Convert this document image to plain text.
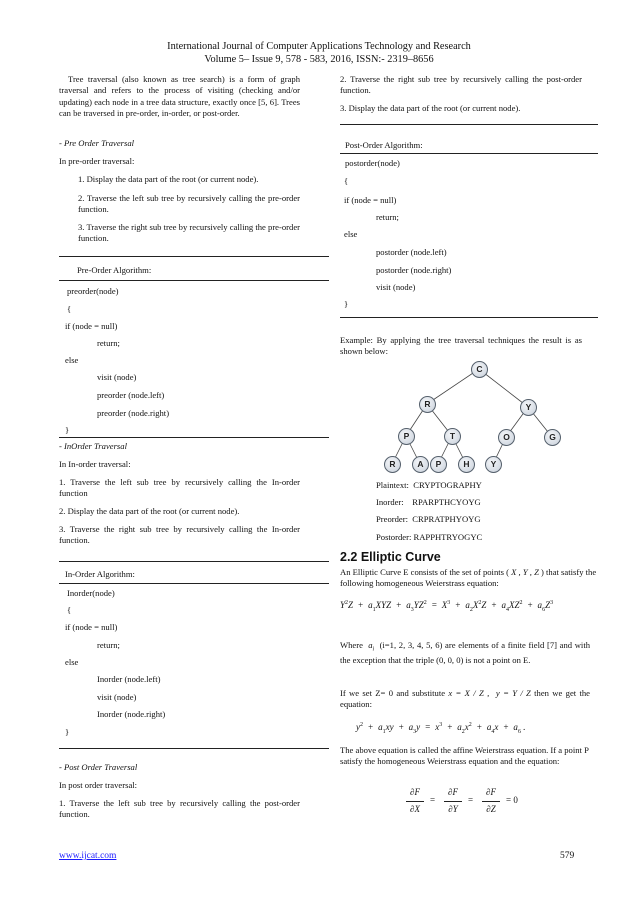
International Journal of Computer Applications Technology and Research
Volume 5– Issue 9, 578 - 583, 2016, ISSN:- 2319–8656
Tree traversal (also known as tree search) is a form of graph traversal and refers to the process of visiting (checking and/or updating) each node in a tree data structure, exactly once [5, 6]. Trees can be traversed in pre-order, in-order, or post-order.
- Pre Order Traversal
In pre-order traversal:
1. Display the data part of the root (or current node).
2. Traverse the left sub tree by recursively calling the pre-order function.
3. Traverse the right sub tree by recursively calling the pre-order function.
Pre-Order Algorithm:
preorder(node)
{
if (node = null)
return;
else
visit (node)
preorder (node.left)
preorder (node.right)
}
- InOrder Traversal
In In-order traversal:
1. Traverse the left sub tree by recursively calling the In-order function
2. Display the data part of the root (or current node).
3. Traverse the right sub tree by recursively calling the In-order function.
In-Order Algorithm:
Inorder(node)
{
if (node = null)
return;
else
Inorder (node.left)
visit (node)
Inorder (node.right)
}
- Post Order Traversal
In post order traversal:
1. Traverse the left sub tree by recursively calling the post-order function.
2. Traverse the right sub tree by recursively calling the post-order function.
3. Display the data part of the root (or current node).
Post-Order Algorithm:
postorder(node)
{
if (node = null)
return;
else
postorder (node.left)
postorder (node.right)
visit (node)
}
Example: By applying the tree traversal techniques the result is as shown below:
C
R	Y
P	T	O	G
R	A	P	H	Y
Plaintext: CRYPTOGRAPHY
Inorder: RPARPTHCYOYG
Preorder: CRPRATPHYOYG
Postorder: RAPPHTRYOGYC
2.2 Elliptic Curve
An Elliptic Curve E consists of the set of points ( X , Y , Z ) that satisfy the following homogeneous Weierstrass equation:
$Y^2Z + a_1XYZ + a_3YZ^2 = X^3 + a_2X^2Z + a_4XZ^2 + a_6Z^3$
Where $a_i$ (i=1, 2, 3, 4, 5, 6) are elements of a finite field [7] and with the exception that the triple (0, 0, 0) is not a point on E.
If we set Z= 0 and substitute x = X / Z ,  y = Y / Z then we get the equation:
$y^2 + a_1xy + a_3y = x^3 + a_2x^2 + a_4x + a_6$ .
The above equation is called the affine Weierstrass equation. If a point P satisfy the homogeneous Weierstrass equation and the equation:
∂F
∂X
=
∂F
∂Y
=
∂F
∂Z
= 0
www.ijcat.com	579
